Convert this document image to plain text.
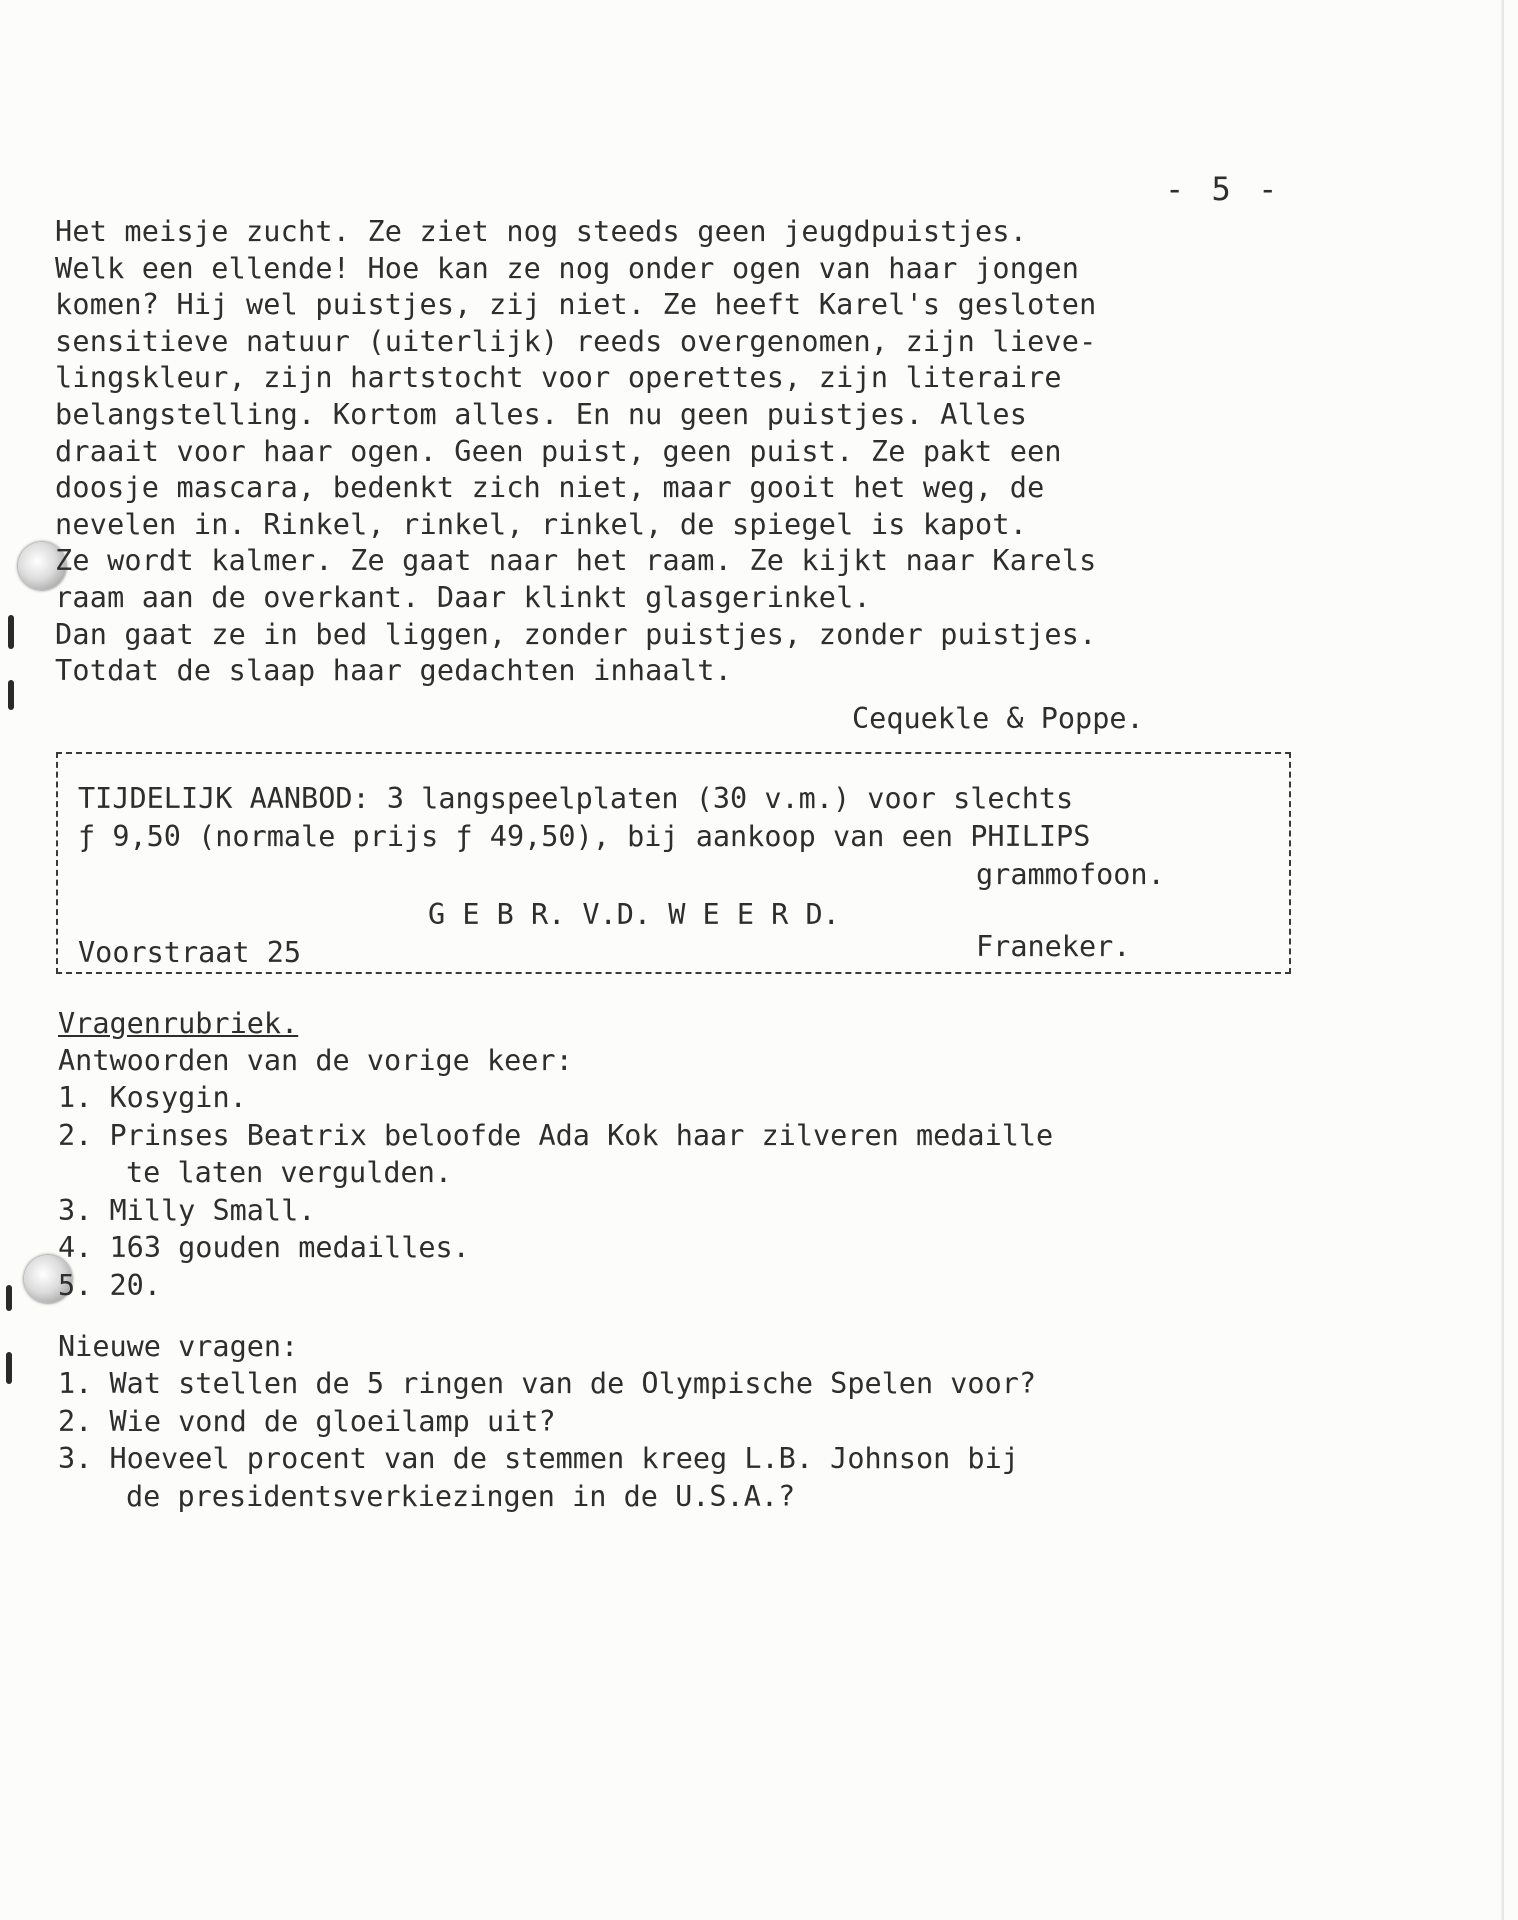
- 5 -
Het meisje zucht. Ze ziet nog steeds geen jeugdpuistjes.
Welk een ellende! Hoe kan ze nog onder ogen van haar jongen
komen? Hij wel puistjes, zij niet. Ze heeft Karel's gesloten
sensitieve natuur (uiterlijk) reeds overgenomen, zijn lieve-
lingskleur, zijn hartstocht voor operettes, zijn literaire
belangstelling. Kortom alles. En nu geen puistjes. Alles
draait voor haar ogen. Geen puist, geen puist. Ze pakt een
doosje mascara, bedenkt zich niet, maar gooit het weg, de
nevelen in. Rinkel, rinkel, rinkel, de spiegel is kapot.
Ze wordt kalmer. Ze gaat naar het raam. Ze kijkt naar Karels
raam aan de overkant. Daar klinkt glasgerinkel.
Dan gaat ze in bed liggen, zonder puistjes, zonder puistjes.
Totdat de slaap haar gedachten inhaalt.
Cequekle & Poppe.
TIJDELIJK AANBOD: 3 langspeelplaten (30 v.m.) voor slechts
ƒ 9,50 (normale prijs ƒ 49,50), bij aankoop van een PHILIPS
grammofoon.
G E B R. V.D. W E E R D.
Voorstraat 25	Franeker.
Vragenrubriek.
Antwoorden van de vorige keer:
1. Kosygin.
2. Prinses Beatrix beloofde Ada Kok haar zilveren medaille
te laten vergulden.
3. Milly Small.
4. 163 gouden medailles.
5. 20.
Nieuwe vragen:
1. Wat stellen de 5 ringen van de Olympische Spelen voor?
2. Wie vond de gloeilamp uit?
3. Hoeveel procent van de stemmen kreeg L.B. Johnson bij
de presidentsverkiezingen in de U.S.A.?
